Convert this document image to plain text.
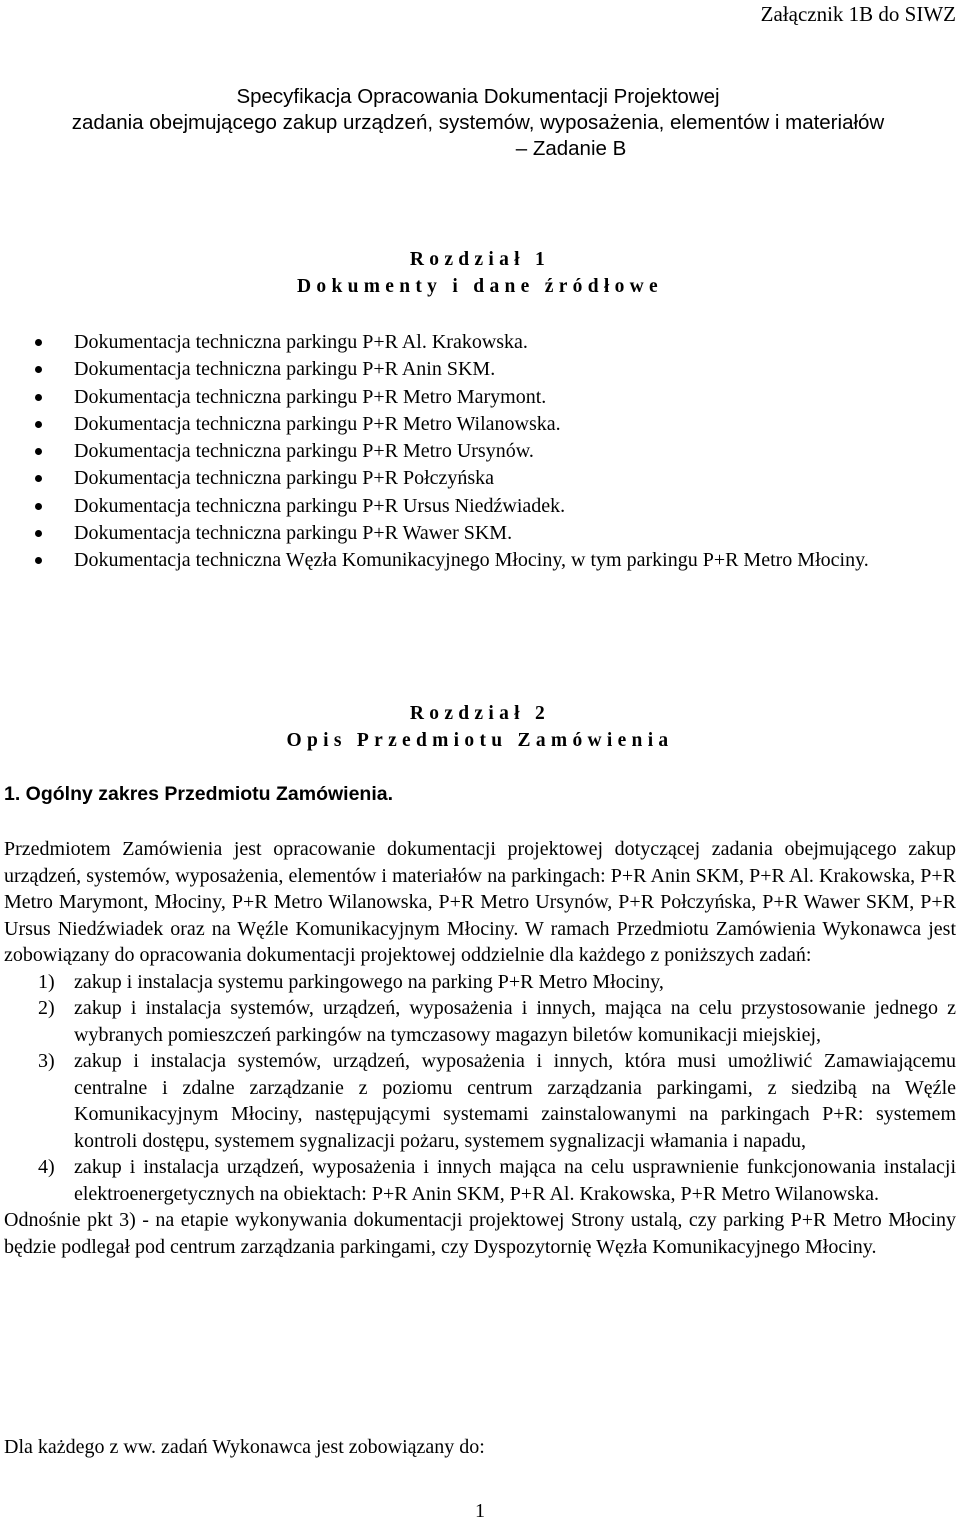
Załącznik 1B do SIWZ
Specyfikacja Opracowania Dokumentacji Projektowej
zadania obejmującego zakup urządzeń, systemów, wyposażenia, elementów i materiałów
– Zadanie B
Rozdział 1
Dokumenty i dane źródłowe
Dokumentacja techniczna parkingu P+R Al. Krakowska.
Dokumentacja techniczna parkingu P+R Anin SKM.
Dokumentacja techniczna parkingu P+R Metro Marymont.
Dokumentacja techniczna parkingu P+R Metro Wilanowska.
Dokumentacja techniczna parkingu P+R Metro Ursynów.
Dokumentacja techniczna parkingu P+R Połczyńska
Dokumentacja techniczna parkingu P+R Ursus Niedźwiadek.
Dokumentacja techniczna parkingu P+R Wawer SKM.
Dokumentacja techniczna Węzła Komunikacyjnego Młociny, w tym parkingu P+R Metro Młociny.
Rozdział 2
Opis Przedmiotu Zamówienia
1. Ogólny zakres Przedmiotu Zamówienia.

Przedmiotem Zamówienia jest opracowanie dokumentacji projektowej dotyczącej zadania obejmującego zakup urządzeń, systemów, wyposażenia, elementów i materiałów na parkingach: P+R Anin SKM, P+R Al. Krakowska, P+R Metro Marymont, Młociny, P+R Metro Wilanowska, P+R Metro Ursynów, P+R Połczyńska, P+R Wawer SKM, P+R Ursus Niedźwiadek oraz na Węźle Komunikacyjnym Młociny. W ramach Przedmiotu Zamówienia Wykonawca jest zobowiązany do opracowania dokumentacji projektowej oddzielnie dla każdego z poniższych zadań:

1) zakup i instalacja systemu parkingowego na parking P+R Metro Młociny,
2) zakup i instalacja systemów, urządzeń, wyposażenia i innych, mająca na celu przystosowanie jednego z wybranych pomieszczeń parkingów na tymczasowy magazyn biletów komunikacji miejskiej,
3) zakup i instalacja systemów, urządzeń, wyposażenia i innych, która musi umożliwić Zamawiającemu centralne i zdalne zarządzanie z poziomu centrum zarządzania parkingami, z siedzibą na Węźle Komunikacyjnym Młociny, następującymi systemami zainstalowanymi na parkingach P+R: systemem kontroli dostępu, systemem sygnalizacji pożaru, systemem sygnalizacji włamania i napadu,
4) zakup i instalacja urządzeń, wyposażenia i innych mająca na celu usprawnienie funkcjonowania instalacji elektroenergetycznych na obiektach: P+R Anin SKM, P+R Al. Krakowska, P+R Metro Wilanowska.

Odnośnie pkt 3) - na etapie wykonywania dokumentacji projektowej Strony ustalą, czy parking P+R Metro Młociny będzie podlegał pod centrum zarządzania parkingami, czy Dyspozytornię Węzła Komunikacyjnego Młociny.

Dla każdego z ww. zadań Wykonawca jest zobowiązany do:
1
